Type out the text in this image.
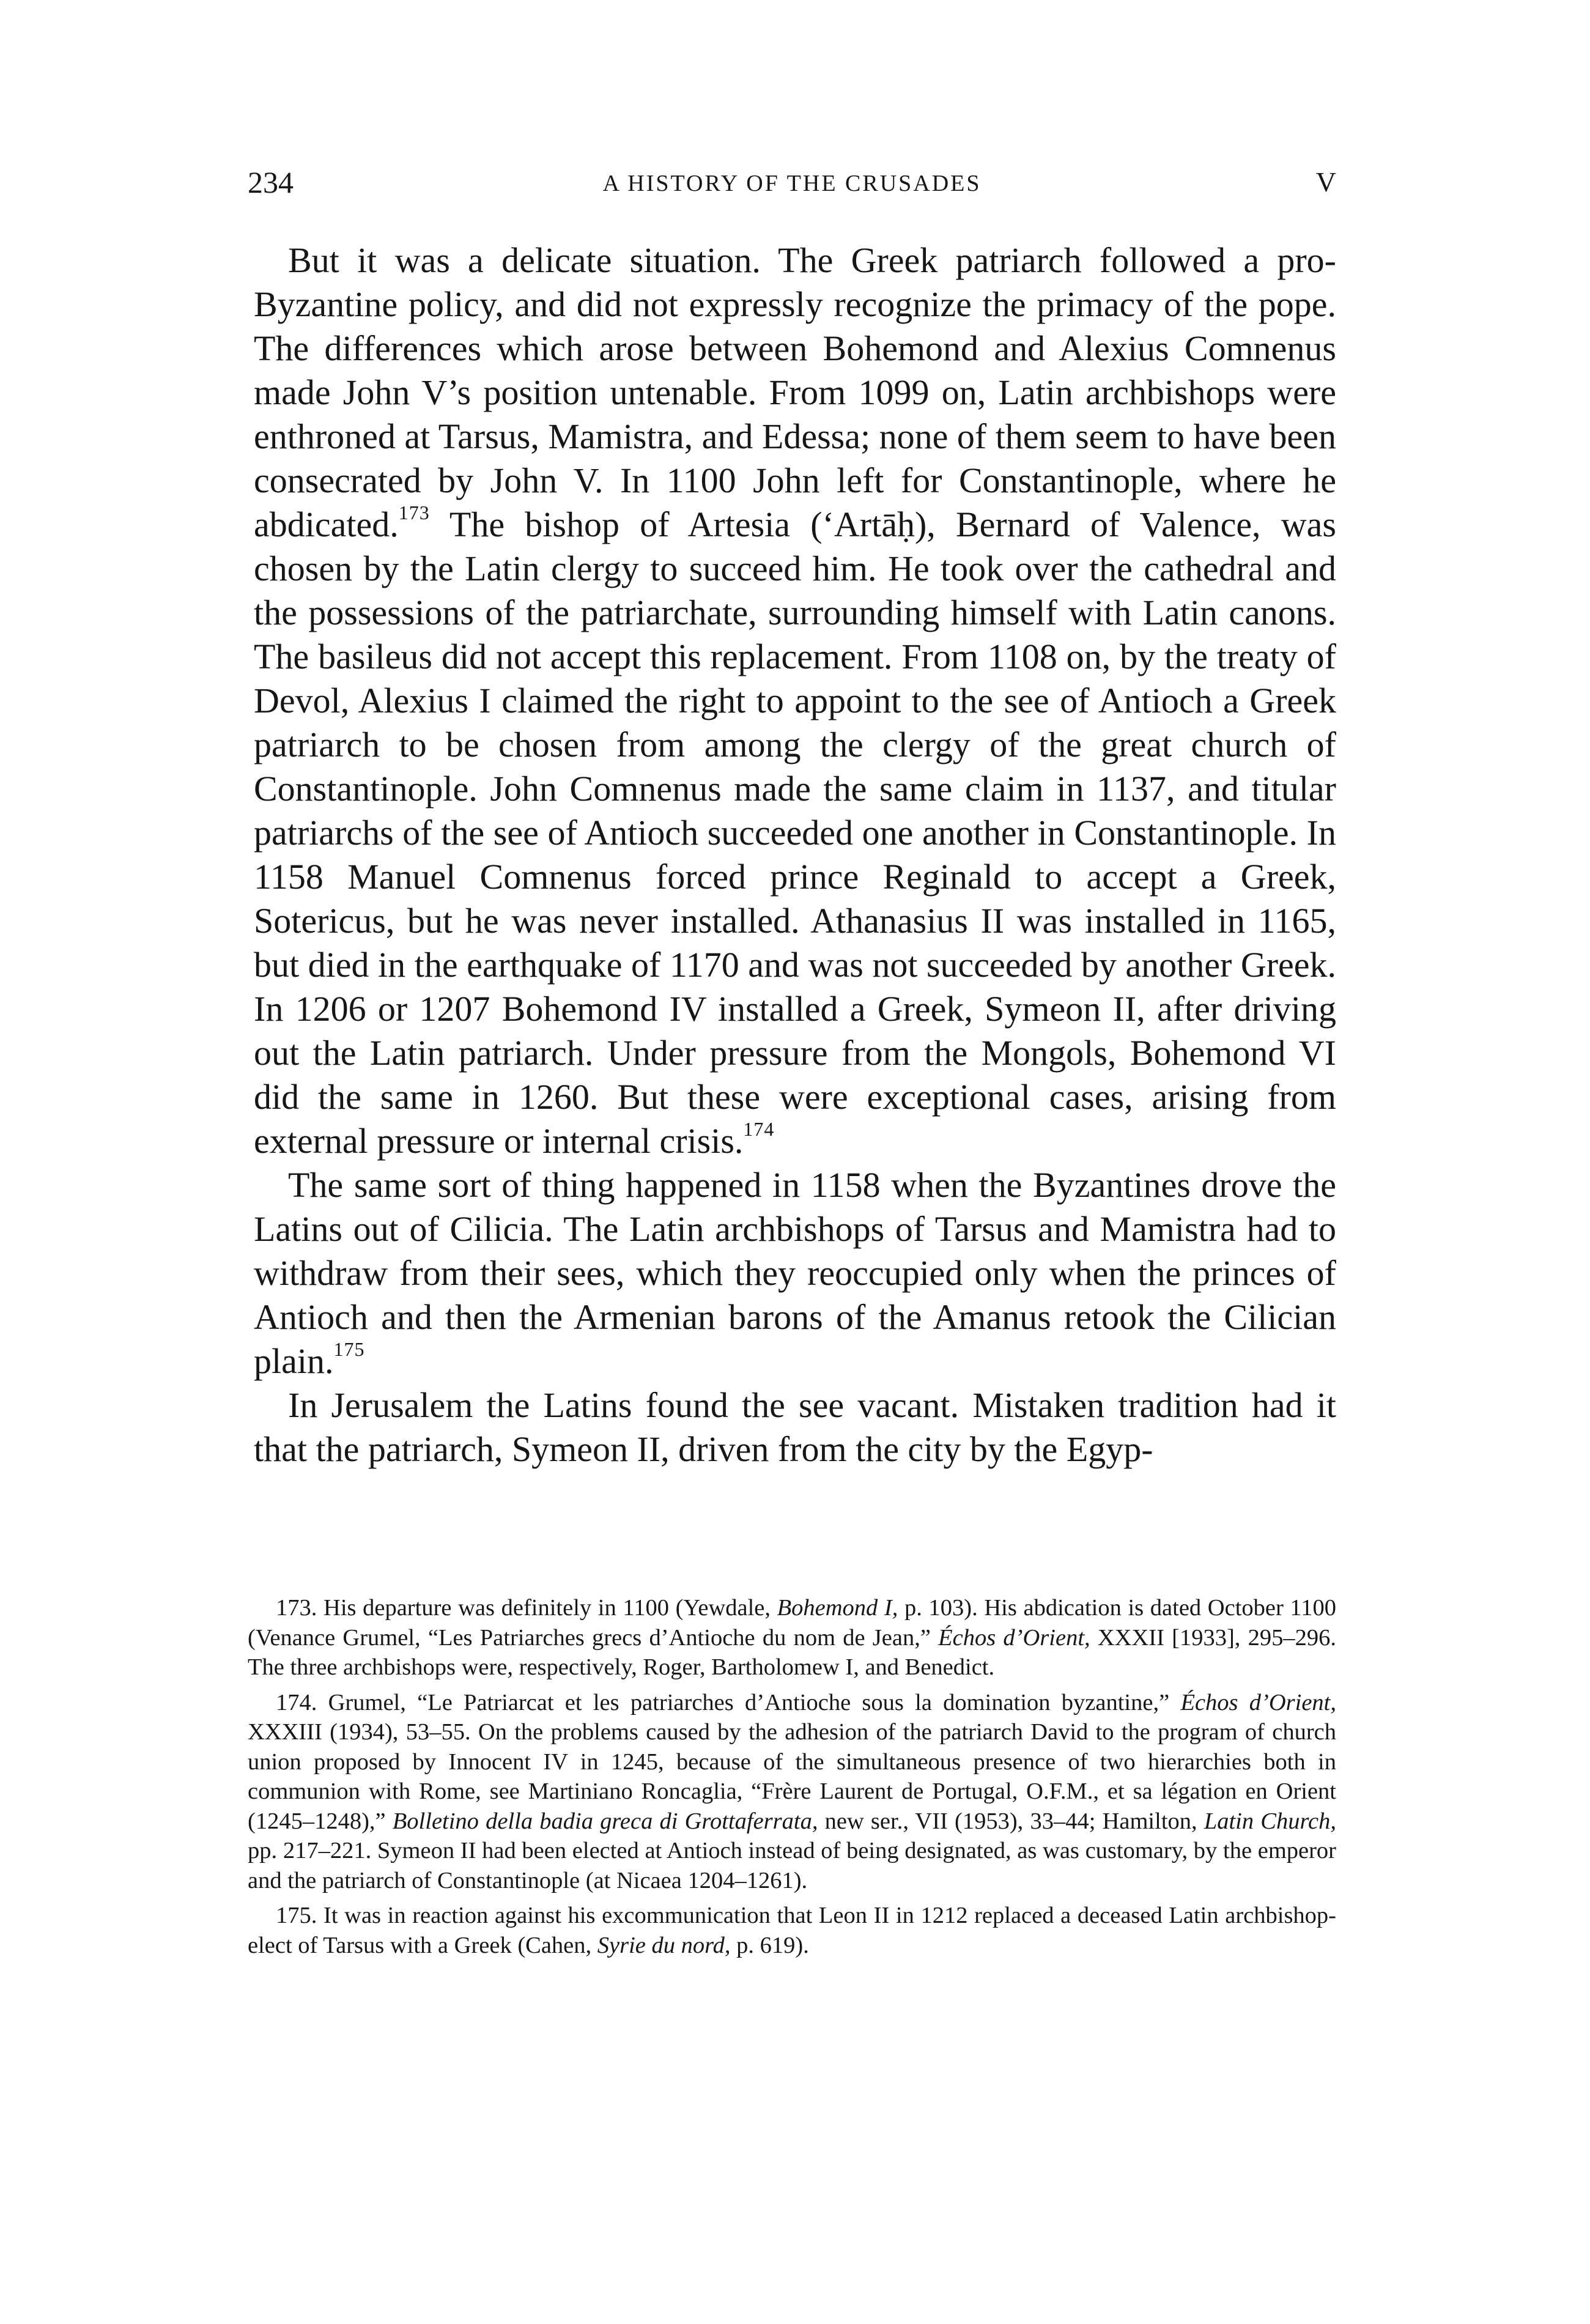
234	A HISTORY OF THE CRUSADES	V

But it was a delicate situation. The Greek patriarch followed a pro-Byzantine policy, and did not expressly recognize the primacy of the pope. The differences which arose between Bohemond and Alexius Comnenus made John V’s position untenable. From 1099 on, Latin archbishops were enthroned at Tarsus, Mamistra, and Edessa; none of them seem to have been consecrated by John V. In 1100 John left for Constantinople, where he abdicated.$^{173}$ The bishop of Artesia (‘Artāḥ), Bernard of Valence, was chosen by the Latin clergy to succeed him. He took over the cathedral and the possessions of the patriarchate, surrounding himself with Latin canons. The basileus did not accept this replacement. From 1108 on, by the treaty of Devol, Alexius I claimed the right to appoint to the see of Antioch a Greek patriarch to be chosen from among the clergy of the great church of Constantinople. John Comnenus made the same claim in 1137, and titular patriarchs of the see of Antioch succeeded one another in Constantinople. In 1158 Manuel Comnenus forced prince Reginald to accept a Greek, Sotericus, but he was never installed. Athanasius II was installed in 1165, but died in the earthquake of 1170 and was not succeeded by another Greek. In 1206 or 1207 Bohemond IV installed a Greek, Symeon II, after driving out the Latin patriarch. Under pressure from the Mongols, Bohemond VI did the same in 1260. But these were exceptional cases, arising from external pressure or internal crisis.$^{174}$

The same sort of thing happened in 1158 when the Byzantines drove the Latins out of Cilicia. The Latin archbishops of Tarsus and Mamistra had to withdraw from their sees, which they reoccupied only when the princes of Antioch and then the Armenian barons of the Amanus retook the Cilician plain.$^{175}$

In Jerusalem the Latins found the see vacant. Mistaken tradition had it that the patriarch, Symeon II, driven from the city by the Egyp-

173. His departure was definitely in 1100 (Yewdale, Bohemond I, p. 103). His abdication is dated October 1100 (Venance Grumel, “Les Patriarches grecs d’Antioche du nom de Jean,” Échos d’Orient, XXXII [1933], 295–296. The three archbishops were, respectively, Roger, Bartholomew I, and Benedict.

174. Grumel, “Le Patriarcat et les patriarches d’Antioche sous la domination byzantine,” Échos d’Orient, XXXIII (1934), 53–55. On the problems caused by the adhesion of the patriarch David to the program of church union proposed by Innocent IV in 1245, because of the simultaneous presence of two hierarchies both in communion with Rome, see Martiniano Roncaglia, “Frère Laurent de Portugal, O.F.M., et sa légation en Orient (1245–1248),” Bolletino della badia greca di Grottaferrata, new ser., VII (1953), 33–44; Hamilton, Latin Church, pp. 217–221. Symeon II had been elected at Antioch instead of being designated, as was customary, by the emperor and the patriarch of Constantinople (at Nicaea 1204–1261).

175. It was in reaction against his excommunication that Leon II in 1212 replaced a deceased Latin archbishop-elect of Tarsus with a Greek (Cahen, Syrie du nord, p. 619).
